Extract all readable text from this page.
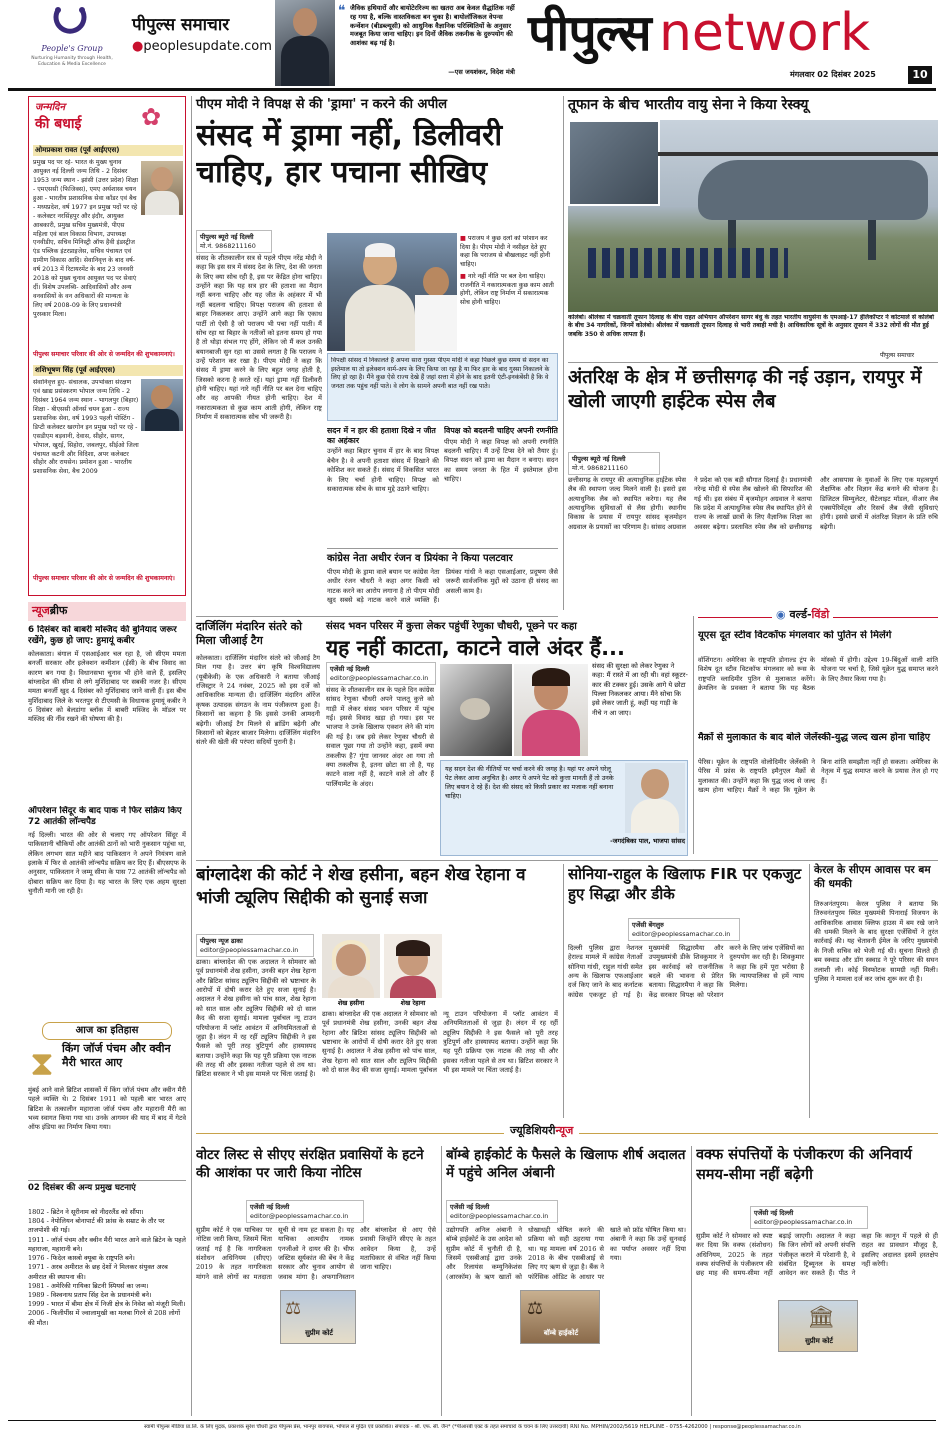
People's Group
Nurturing Humanity through Health, Education & Media Excellence
पीपुल्स समाचार
●peoplesupdate.com
❝ जैविक हथियारों और बायोटेररिज्म का खतरा अब केवल सैद्धांतिक नहीं रह गया है, बल्कि वास्तविकता बन चुका है। बायोलॉजिकल वेपन्स कन्वेंशन (बीडब्ल्यूसी) को आधुनिक वैज्ञानिक परिस्थितियों के अनुसार मजबूत किया जाना चाहिए। इन दिनों जैविक तकनीक के दुरुपयोग की आशंका बढ़ गई है।
—एस जयशंकर, विदेश मंत्री
पीपुल्स network
मंगलवार 02 दिसंबर 2025	10
जन्मदिन
की बधाई	✿
ओमप्रकाश रावत (पूर्व आईएएस)
प्रमुख पद पर रहे- भारत के मुख्य चुनाव आयुक्त नई दिल्ली जन्म तिथि - 2 दिसंबर 1953 जन्म स्थान - झांसी (उत्तर प्रदेश) शिक्षा - एमएससी (फिजिक्स), एमए अर्थशास्त्र चयन हुआ - भारतीय प्रशासनिक सेवा कॉडर एवं बैच - मध्यप्रदेश, वर्ष 1977 इन प्रमुख पदों पर रहे - कलेक्टर नरसिंहपुर और इंदौर, आयुक्त आबकारी, प्रमुख सचिव मुख्यमंत्री, पीएस महिला एवं बाल विकास विभाग, उपाध्यक्ष एनवीडीए, सचिव मिनिस्ट्री ऑफ हैवी इंडस्ट्रीज एंड पब्लिक इंटरप्राइजेस, सचिव पंचायत एवं ग्रामीण विकास आदि। सेवानिवृत्त के बाद वर्ष- वर्ष 2013 में रिटायरमेंट के बाद 23 जनवरी 2018 को मुख्य चुनाव आयुक्त पद पर सेवाएं दीं। विशेष उपलब्धि- आदिवासियों और अन्य वनवासियों के वन अधिकारों की मान्यता के लिए वर्ष 2008-09 के लिए प्रधानमंत्री पुरस्कार मिला।
पीपुल्स समाचार परिवार की ओर से जन्मदिन की शुभकामनाएं।
शशिभूषण सिंह (पूर्व आईएएस)
सेवानिवृत्त हुए- संचालक, उपभोक्ता संरक्षण एवं खाद्य प्रसंस्करण भोपाल जन्म तिथि - 2 दिसंबर 1964 जन्म स्थान - भागलपुर (बिहार) शिक्षा - बीएससी ऑनर्स चयन हुआ - राज्य प्रशासनिक सेवा, वर्ष 1993 पहली पोस्टिंग - डिप्टी कलेक्टर खरगोन इन प्रमुख पदों पर रहे - एसडीएम बड़वानी, देवास, सीहोर, सागर, भोपाल, खुरई, सिहोरा, जबलपुर, सीईओ जिला पंचायत कटनी और विदिशा, अपर कलेक्टर सीहोर और रायसेन। प्रमोशन हुआ - भारतीय प्रशासनिक सेवा, बैच 2009
पीपुल्स समाचार परिवार की ओर से जन्मदिन की शुभकामनाएं।
न्यूजब्रीफ
6 दिसंबर को बाबरी मस्जिद की बुनियाद जरूर रखेंगे, कुछ हो जाए: हुमायूं कबीर
कोलकाता। बंगाल में एसआईआर चल रहा है, जो सीएम ममता बनर्जी सरकार और इलेक्शन कमीशन (ईसी) के बीच विवाद का कारण बन गया है। विधानसभा चुनाव भी होने वाले हैं, इसलिए बांग्लादेश की सीमा से लगे मुर्शिदाबाद पर सबकी नजर है। सीएम ममता बनर्जी खुद 4 दिसंबर को मुर्शिदाबाद जाने वाली हैं। इस बीच मुर्शिदाबाद जिले के भरतपुर से टीएमसी के विधायक हुमायूं कबीर ने 6 दिसंबर को बेलडांगा ब्लॉक में बाबरी मस्जिद के मॉडल पर मस्जिद की नींव रखने की घोषणा की है।
ऑपरेशन सिंदूर के बाद पाक ने फिर सक्रिय किए 72 आतंकी लॉन्चपैड
नई दिल्ली। भारत की ओर से चलाए गए ऑपरेशन सिंदूर में पाकिस्तानी चौकियों और आतंकी ठानों को भारी नुकसान पहुंचा था, लेकिन लगभग सात महीने बाद पाकिस्तान ने अपने नियंत्रण वाले इलाके में फिर से आतंकी लॉन्चपैड सक्रिय कर दिए हैं। बीएसएफ के अनुसार, पाकिस्तान ने जम्मू सीमा के पास 72 आतंकी लॉन्चपैड को दोबारा सक्रिय कर दिया है। यह भारत के लिए एक अहम सुरक्षा चुनौती मानी जा रही है।
आज का इतिहास
⧗ किंग जॉर्ज पंचम और क्वीन मैरी भारत आए
मुंबई आने वाले ब्रिटिश शासकों में किंग जॉर्ज पंचम और क्वीन मैरी पहले व्यक्ति थे। 2 दिसंबर 1911 को पहली बार भारत आए ब्रिटिश के तत्कालीन महाराजा जॉर्ज पंचम और महारानी मैरी का भव्य स्वागत किया गया था। उनके आगमन की याद में बाद में गेटवे ऑफ इंडिया का निर्माण किया गया।
02 दिसंबर की अन्य प्रमुख घटनाएं
1802 - ब्रिटेन ने सूरीनाम को नीदरलैंड को सौंपा।
1804 - नेपोलियन बोनापार्ट की फ्रांस के सम्राट के तौर पर ताजपोशी की गई।
1911 - जॉर्ज पंचम और क्वीन मैरी भारत आने वाले ब्रिटेन के पहले महाराजा, महारानी बने।
1976 - फिदेल कास्त्रो क्यूबा के राष्ट्रपति बने।
1971 - अरब अमीरात के छह देशों ने मिलकर संयुक्त अरब अमीरात की स्थापना की।
1981 - अमेरिकी गायिका ब्रिटनी स्पियर्स का जन्म।
1989 - विश्वनाथ प्रताप सिंह देश के प्रधानमंत्री बने।
1999 - भारत में बीमा क्षेत्र में निजी क्षेत्र के निवेश को मंजूरी मिली।
2006 - फिलीपींस में ज्वालामुखी का मलबा गिरने से 208 लोगों की मौत।
पीएम मोदी ने विपक्ष से की 'ड्रामा' न करने की अपील
संसद में ड्रामा नहीं, डिलीवरी चाहिए, हार पचाना सीखिए
पीपुल्स ब्यूरो नई दिल्ली
मो.नं. 9868211160
संसद के शीतकालीन सत्र से पहले पीएम नरेंद्र मोदी ने कहा कि इस सत्र में संसद देश के लिए, देश की जनता के लिए क्या सोच रही है, इस पर केंद्रित होना चाहिए। उन्होंने कहा कि यह सत्र हार की हताशा का मैदान नहीं बनना चाहिए और यह जीत के अहंकार में भी नहीं बदलना चाहिए। विपक्ष पराजय की हताशा से बाहर निकलकर आए। उन्होंने आगे कहा कि एकाध पार्टी तो ऐसी है जो पराजय भी पचा नहीं पाती। मैं सोच रहा था बिहार के नतीजों को इतना समय हो गया है तो थोड़ा संभल गए होंगे, लेकिन जो मैं कल उनकी बयानबाजी सुन रहा था उससे लगता है कि पराजय ने उन्हें परेशान कर रखा है। पीएम मोदी ने कहा कि संसद में ड्रामा करने के लिए बहुत जगह होती है, जिसको करना है करते रहें। यहां ड्रामा नहीं डिलीवरी होनी चाहिए। यहां नारे नहीं नीति पर बल देना चाहिए और वह आपकी नीयत होनी चाहिए। देश में नकारात्मकता से कुछ काम आती होगी, लेकिन राष्ट्र निर्माण में सकारात्मक सोच भी जरूरी है।
■ पराजय ने कुछ दलों को परेशान कर दिया है। पीएम मोदी ने नसीहत देते हुए कहा कि पराजय से बौखलाहट नहीं होनी चाहिए।
■ नारे नहीं नीति पर बल देना चाहिए। राजनीति में नकारात्मकता कुछ काम आती होगी, लेकिन राष्ट्र निर्माण में सकारात्मक सोच होनी चाहिए।
विपक्षी सांसद में निकालते हैं अपना सारा गुस्सा पीएम मोदी ने कहा पिछले कुछ समय से सदन का इस्तेमाल या तो इलेक्शन वार्म-अप के लिए किया जा रहा है या फिर हार के बाद गुस्सा निकालने के लिए हो रहा है। मैंने कुछ ऐसे राज्य देखे हैं जहां सत्ता में होने के बाद इतनी एंटी-इनकंबेंसी है कि वे जनता तक पहुंच नहीं पाते। वे लोग के सामने अपनी बात नहीं रख पाते।
सदन में न हार की हताशा दिखे न जीत का अहंकार
उन्होंने कहा बिहार चुनाव में हार के बाद विपक्ष बेचैन है। वे अपनी हताशा संसद में दिखाने की कोशिश कर सकते हैं। संसद में विकसित भारत के लिए चर्चा होनी चाहिए। विपक्ष को सकारात्मक सोच के साथ मुद्दे उठाने चाहिए।
विपक्ष को बदलनी चाहिए अपनी रणनीति
पीएम मोदी ने कहा विपक्ष को अपनी रणनीति बदलनी चाहिए। मैं उन्हें टिप्स देने को तैयार हूं। विपक्ष सदन को ड्रामा का मैदान न बनाए। सदन का समय जनता के हित में इस्तेमाल होना चाहिए।
कांग्रेस नेता अधीर रंजन व प्रियंका ने किया पलटवार
पीएम मोदी के ड्रामा वाले बयान पर कांग्रेस नेता अधीर रंजन चौधरी ने कहा अगर किसी को नाटक करने का आरोप लगाना है तो पीएम मोदी खुद सबसे बड़े नाटक करने वाले व्यक्ति हैं। प्रियंका गांधी ने कहा एसआईआर, प्रदूषण जैसे जरूरी सार्वजनिक मुद्दों को उठाना ही संसद का असली काम है।
दार्जिलिंग मंदारिन संतरे को मिला जीआई टैग
कोलकाता। दार्जिलिंग मंदारिन संतरे को जीआई टैग मिल गया है। उत्तर बंग कृषि विश्वविद्यालय (यूबीकेवी) के एक अधिकारी ने बताया जीआई रजिस्ट्रार ने 24 नवंबर, 2025 को इस दर्जे को आधिकारिक मान्यता दी। दार्जिलिंग मंदारिन ऑरेंज कृषक उत्पादक संगठन के नाम पंजीकरण हुआ है। किसानों का कहना है कि इससे उनकी आमदनी बढ़ेगी। जीआई टैग मिलने से ब्रांडिंग बढ़ेगी और किसानों को बेहतर बाजार मिलेगा। दार्जिलिंग मंदारिन संतरे की खेती की परंपरा सदियों पुरानी है।
संसद भवन परिसर में कुत्ता लेकर पहुंचीं रेणुका चौधरी, पूछने पर कहा
यह नहीं काटता, काटने वाले अंदर हैं...
एजेंसी नई दिल्ली
editor@peoplessamachar.co.in
संसद के शीतकालीन सत्र के पहले दिन कांग्रेस सांसद रेणुका चौधरी अपने पालतू कुत्ते को गाड़ी में लेकर संसद भवन परिसर में पहुंच गईं। इससे विवाद खड़ा हो गया। इस पर भाजपा ने उनके खिलाफ एक्शन लेने की मांग की गई है। जब इसे लेकर रेणुका चौधरी से सवाल पूछा गया तो उन्होंने कहा, इसमें क्या तकलीफ है? गूंगा जानवर अंदर आ गया तो क्या तकलीफ है, इतना छोटा सा तो है, यह काटने वाला नहीं है, काटने वाले तो और हैं पार्लियामेंट के अंदर।
संसद की सुरक्षा को लेकर रेणुका ने कहा: मैं रास्ते में आ रही थी। वहां स्कूटर-कार की टक्कर हुई। उसके आगे ये छोटा पिल्ला निकलकर आया। मैंने सोचा कि इसे लेकर जाती हूं, कहीं यह गाड़ी के नीचे न आ जाए।
यह सदन देश की नीतियों पर चर्चा करने की जगह है। यहां पर अपने घरेलू पेट लेकर आना अनुचित है। अगर ये अपने पेट को कुत्ता मानती हैं तो उनके लिए बयान दे रहे हैं। देश की संसद को किसी प्रकार का मजाक नहीं बनाना चाहिए।
-जगदंबिका पाल, भाजपा सांसद
तूफान के बीच भारतीय वायु सेना ने किया रेस्क्यू
कोलंबो। श्रीलंका में चक्रवाती तूफान दित्वाह के बीच राहत अभियान ऑपरेशन सागर बंधु के तहत भारतीय वायुसेना के एमआई-17 हेलिकॉप्टर ने कोटमाले से कोलंबो के बीच 34 नागरिकों, जिनमें कोलंबो। श्रीलंका में चक्रवाती तूफान दित्वाह से भारी तबाही मची है। आधिकारिक सूत्रों के अनुसार तूफान में 332 लोगों की मौत हुई जबकि 350 से अधिक लापता हैं।
पीपुल्स समाचार
अंतरिक्ष के क्षेत्र में छत्तीसगढ़ की नई उड़ान, रायपुर में खोली जाएगी हाईटेक स्पेस लैब
पीपुल्स ब्यूरो नई दिल्ली
मो.नं. 9868211160
छत्तीसगढ़ के रायपुर की अत्याधुनिक हाईटेक स्पेस लैब की स्थापना जल्द मिलने वाली है। इसरो इस अत्याधुनिक लैब को स्थापित करेगा। यह लैब अत्याधुनिक सुविधाओं से लैस होगी। स्थानीय विकास के प्रयास में रायपुर सांसद बृजमोहन अग्रवाल के प्रयासों का परिणाम है। सांसद अग्रवाल ने प्रदेश को एक बड़ी सौगात दिलाई है। प्रधानमंत्री नरेन्द्र मोदी से स्पेस लैब खोलने की सिफारिश की गई थी। इस संबंध में बृजमोहन अग्रवाल ने बताया कि प्रदेश में अत्याधुनिक स्पेस लैब स्थापित होने से राज्य के लाखों छात्रों के लिए वैज्ञानिक शिक्षा का अवसर बढ़ेगा। प्रस्तावित स्पेस लैब को छत्तीसगढ़ और आसपास के युवाओं के लिए एक महत्वपूर्ण शैक्षणिक और विज्ञान केंद्र बनाने की योजना है। डिजिटल सिम्युलेटर, सैटेलाइट मॉडल, वीआर लैब एक्सपेरिमेंट्स और रिसर्च लैब जैसी सुविधाएं होंगी। इससे छात्रों में अंतरिक्ष विज्ञान के प्रति रुचि बढ़ेगी।
◉ वर्ल्ड-विंडो
यूएस दूत स्टीव विटकॉफ मंगलवार को पुतिन से मिलेंगे
वॉशिंगटन। अमेरिका के राष्ट्रपति डोनाल्ड ट्रंप के विशेष दूत स्टीव विटकॉफ मंगलवार को रूस के राष्ट्रपति व्लादिमीर पुतिन से मुलाकात करेंगे। क्रेमलिन के प्रवक्ता ने बताया कि यह बैठक मॉस्को में होगी। उद्देश्य 19-बिंदुओं वाली शांति योजना पर चर्चा है, जिसे यूक्रेन युद्ध समाप्त करने के लिए तैयार किया गया है।
मैक्रों से मुलाकात के बाद बोले जेलेंस्की-युद्ध जल्द खत्म होना चाहिए
पेरिस। यूक्रेन के राष्ट्रपति वोलोदिमीर जेलेंस्की ने पेरिस में फ्रांस के राष्ट्रपति इमैनुएल मैक्रों से मुलाकात की। उन्होंने कहा कि युद्ध जल्द से जल्द खत्म होना चाहिए। मैक्रों ने कहा कि यूक्रेन के बिना शांति समझौता नहीं हो सकता। अमेरिका के नेतृत्व में युद्ध समाप्त करने के प्रयास तेज हो गए हैं।
बांग्लादेश की कोर्ट ने शेख हसीना, बहन शेख रेहाना व भांजी ट्यूलिप सिद्दीकी को सुनाई सजा
पीपुल्स न्यूज ढाका
editor@peoplessamachar.co.in
शेख हसीना	शेख रेहाना
ढाका। बांग्लादेश की एक अदालत ने सोमवार को पूर्व प्रधानमंत्री शेख हसीना, उनकी बहन शेख रेहाना और ब्रिटिश सांसद ट्यूलिप सिद्दीकी को भ्रष्टाचार के आरोपों में दोषी करार देते हुए सजा सुनाई है। अदालत ने शेख हसीना को पांच साल, शेख रेहाना को सात साल और ट्यूलिप सिद्दीकी को दो साल कैद की सजा सुनाई। मामला पूर्बाचल न्यू टाउन परियोजना में प्लॉट आवंटन में अनियमितताओं से जुड़ा है। लंदन में रह रहीं ट्यूलिप सिद्दीकी ने इस फैसले को पूरी तरह त्रुटिपूर्ण और हास्यास्पद बताया। उन्होंने कहा कि यह पूरी प्रक्रिया एक नाटक की तरह थी और इसका नतीजा पहले से तय था। ब्रिटिश सरकार ने भी इस मामले पर चिंता जताई है।
ढाका। बांग्लादेश की एक अदालत ने सोमवार को पूर्व प्रधानमंत्री शेख हसीना, उनकी बहन शेख रेहाना और ब्रिटिश सांसद ट्यूलिप सिद्दीकी को भ्रष्टाचार के आरोपों में दोषी करार देते हुए सजा सुनाई है। अदालत ने शेख हसीना को पांच साल, शेख रेहाना को सात साल और ट्यूलिप सिद्दीकी को दो साल कैद की सजा सुनाई। मामला पूर्बाचल न्यू टाउन परियोजना में प्लॉट आवंटन में अनियमितताओं से जुड़ा है। लंदन में रह रहीं ट्यूलिप सिद्दीकी ने इस फैसले को पूरी तरह त्रुटिपूर्ण और हास्यास्पद बताया। उन्होंने कहा कि यह पूरी प्रक्रिया एक नाटक की तरह थी और इसका नतीजा पहले से तय था। ब्रिटिश सरकार ने भी इस मामले पर चिंता जताई है।
सोनिया-राहुल के खिलाफ FIR पर एकजुट हुए सिद्धा और डीके
एजेंसी बेंगलुरु
editor@peoplessamachar.co.in
दिल्ली पुलिस द्वारा नेशनल हेराल्ड मामले में कांग्रेस नेताओं सोनिया गांधी, राहुल गांधी समेत अन्य के खिलाफ एफआईआर दर्ज किए जाने के बाद कर्नाटक कांग्रेस एकजुट हो गई है। मुख्यमंत्री सिद्धारमैया और उपमुख्यमंत्री डीके शिवकुमार ने इस कार्रवाई को राजनीतिक बदले की भावना से प्रेरित बताया। सिद्धारमैया ने कहा कि केंद्र सरकार विपक्ष को परेशान करने के लिए जांच एजेंसियों का दुरुपयोग कर रही है। शिवकुमार ने कहा कि हमें पूरा भरोसा है कि न्यायपालिका से हमें न्याय मिलेगा।
केरल के सीएम आवास पर बम की धमकी
तिरुअनंतपुरम। केरल पुलिस ने बताया कि तिरुवनंतपुरम स्थित मुख्यमंत्री पिनाराई विजयन के आधिकारिक आवास क्लिफ हाउस में बम रखे जाने की धमकी मिलने के बाद सुरक्षा एजेंसियों ने तुरंत कार्रवाई की। यह चेतावनी ईमेल के जरिए मुख्यमंत्री के निजी सचिव को भेजी गई थी। सूचना मिलते ही बम स्क्वाड और डॉग स्क्वाड ने पूरे परिसर की सघन तलाशी ली। कोई विस्फोटक सामग्री नहीं मिली। पुलिस ने मामला दर्ज कर जांच शुरू कर दी है।
ज्यूडिशियरीन्यूज
वोटर लिस्ट से सीएए संरक्षित प्रवासियों के हटने की आशंका पर जारी किया नोटिस
एजेंसी नई दिल्ली
editor@peoplessamachar.co.in
सुप्रीम कोर्ट ने एक याचिका पर नोटिस जारी किया, जिसमें चिंता जताई गई है कि नागरिकता संशोधन अधिनियम (सीएए) 2019 के तहत नागरिकता मांगने वाले लोगों का मतदाता सूची से नाम हट सकता है। यह याचिका आत्मदीप नामक एनजीओ ने दायर की है। चीफ जस्टिस सूर्यकांत की बेंच ने केंद्र सरकार और चुनाव आयोग से जवाब मांगा है। अफगानिस्तान और बांग्लादेश से आए ऐसे प्रवासी जिन्होंने सीएए के तहत आवेदन किया है, उन्हें मताधिकार से वंचित नहीं किया जाना चाहिए।
⚖
सुप्रीम कोर्ट
बॉम्बे हाईकोर्ट के फैसले के खिलाफ शीर्ष अदालत में पहुंचे अनिल अंबानी
एजेंसी नई दिल्ली
editor@peoplessamachar.co.in
उद्योगपति अनिल अंबानी ने बॉम्बे हाईकोर्ट के उस आदेश को सुप्रीम कोर्ट में चुनौती दी है, जिसमें एसबीआई द्वारा उनके और रिलायंस कम्युनिकेशंस (आरकॉम) के ऋण खातों को धोखाधड़ी घोषित करने की प्रक्रिया को सही ठहराया गया था। यह मामला वर्ष 2016 से 2018 के बीच एसबीआई से लिए गए ऋण से जुड़ा है। बैंक ने फॉरेंसिक ऑडिट के आधार पर खाते को फ्रॉड घोषित किया था। अंबानी ने कहा कि उन्हें सुनवाई का पर्याप्त अवसर नहीं दिया गया।
⚖
बॉम्बे हाईकोर्ट
वक्फ संपत्तियों के पंजीकरण की अनिवार्य समय-सीमा नहीं बढ़ेगी
एजेंसी नई दिल्ली
editor@peoplessamachar.co.in
सुप्रीम कोर्ट ने सोमवार को स्पष्ट कर दिया कि वक्फ (संशोधन) अधिनियम, 2025 के तहत वक्फ संपत्तियों के पंजीकरण की छह माह की समय-सीमा नहीं बढ़ाई जाएगी। अदालत ने कहा कि जिन लोगों को अपनी संपत्ति पंजीकृत कराने में परेशानी है, वे संबंधित ट्रिब्यूनल के समक्ष आवेदन कर सकते हैं। पीठ ने कहा कि कानून में पहले से ही राहत का प्रावधान मौजूद है, इसलिए अदालत इसमें हस्तक्षेप नहीं करेगी।
🏛
सुप्रीम कोर्ट
स्वामी पीपुल्स मीडिया प्रा.लि. के लिए मुद्रक, प्रकाशक सुरेश चौधरी द्वारा पीपुल्स प्रेस, भानपुर बायपास, भोपाल से मुद्रित एवं प्रकाशित। संपादक - श्री. एफ. सी. जैन* (*पीआरबी एक्ट के तहत समाचारों के चयन के लिए उत्तरदायी) RNI No. MPHIN/2002/5619 HELPLINE - 0755-4262000 | response@peoplessamachar.co.in
